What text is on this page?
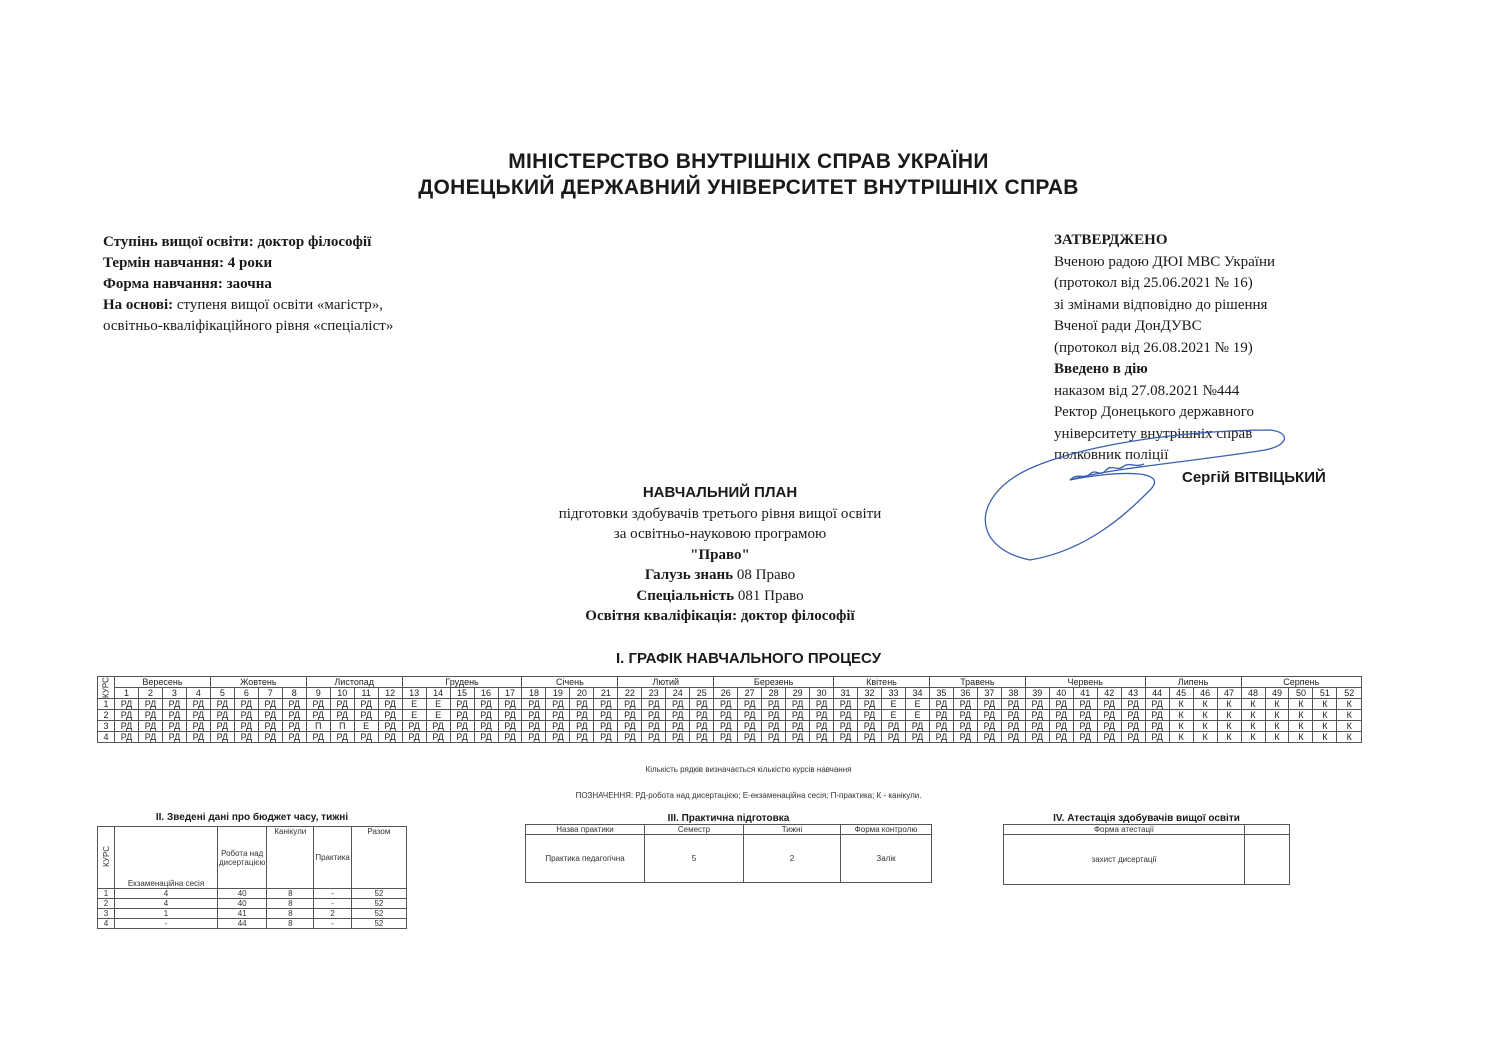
МІНІСТЕРСТВО ВНУТРІШНІХ СПРАВ УКРАЇНИ
ДОНЕЦЬКИЙ ДЕРЖАВНИЙ УНІВЕРСИТЕТ ВНУТРІШНІХ СПРАВ
Ступінь вищої освіти: доктор філософії
Термін навчання: 4 роки
Форма навчання: заочна
На основі: ступеня вищої освіти «магістр»,
освітньо-кваліфікаційного рівня «спеціаліст»
ЗАТВЕРДЖЕНО
Вченою радою ДЮІ МВС України
(протокол від 25.06.2021 № 16)
зі змінами відповідно до рішення
Вченої ради ДонДУВС
(протокол від 26.08.2021 № 19)
Введено в дію
наказом від 27.08.2021 №444
Ректор Донецького державного
університету внутрішніх справ
полковник поліції
Сергій ВІТВІЦЬКИЙ
НАВЧАЛЬНИЙ ПЛАН
підготовки здобувачів третього рівня вищої освіти
за освітньо-науковою програмою
"Право"
Галузь знань 08 Право
Спеціальність 081 Право
Освітня кваліфікація: доктор філософії
І. ГРАФІК НАВЧАЛЬНОГО ПРОЦЕСУ
КУРС	Вересень				Жовтень				Листопад				Грудень					Січень				Лютий				Березень					Квітень				Травень				Червень					Липень				Серпень				
	1	2	3	4	5	6	7	8	9	10	11	12	13	14	15	16	17	18	19	20	21	22	23	24	25	26	27	28	29	30	31	32	33	34	35	36	37	38	39	40	41	42	43	44	45	46	47	48	49	50	51	52
1	РД	РД	РД	РД	РД	РД	РД	РД	РД	РД	РД	РД	Е	Е	РД	РД	РД	РД	РД	РД	РД	РД	РД	РД	РД	РД	РД	РД	РД	РД	РД	РД	Е	Е	РД	РД	РД	РД	РД	РД	РД	РД	РД	РД	К	К	К	К	К	К	К	К
2	РД	РД	РД	РД	РД	РД	РД	РД	РД	РД	РД	РД	Е	Е	РД	РД	РД	РД	РД	РД	РД	РД	РД	РД	РД	РД	РД	РД	РД	РД	РД	РД	Е	Е	РД	РД	РД	РД	РД	РД	РД	РД	РД	РД	К	К	К	К	К	К	К	К
3	РД	РД	РД	РД	РД	РД	РД	РД	П	П	Е	РД	РД	РД	РД	РД	РД	РД	РД	РД	РД	РД	РД	РД	РД	РД	РД	РД	РД	РД	РД	РД	РД	РД	РД	РД	РД	РД	РД	РД	РД	РД	РД	РД	К	К	К	К	К	К	К	К
4	РД	РД	РД	РД	РД	РД	РД	РД	РД	РД	РД	РД	РД	РД	РД	РД	РД	РД	РД	РД	РД	РД	РД	РД	РД	РД	РД	РД	РД	РД	РД	РД	РД	РД	РД	РД	РД	РД	РД	РД	РД	РД	РД	РД	К	К	К	К	К	К	К	К
Кількість рядків визначається кількістю курсів навчання
ПОЗНАЧЕННЯ: РД-робота над дисертацією; Е-екзаменаційна сесія; П-практика; К - канікули.
ІІ. Зведені дані про бюджет часу, тижні
КУРС	Екзаменаційна сесія	Робота над дисертацією	Канікули	Практика	Разом
1	4	40	8	-	52
2	4	40	8	-	52
3	1	41	8	2	52
4	-	44	8	-	52
ІІІ. Практична підготовка
Назва практики	Семестр	Тижні	Форма контролю
Практика педагогічна	5	2	Залік
IV. Атестація здобувачів вищої освіти
Форма атестації	
захист дисертації	
